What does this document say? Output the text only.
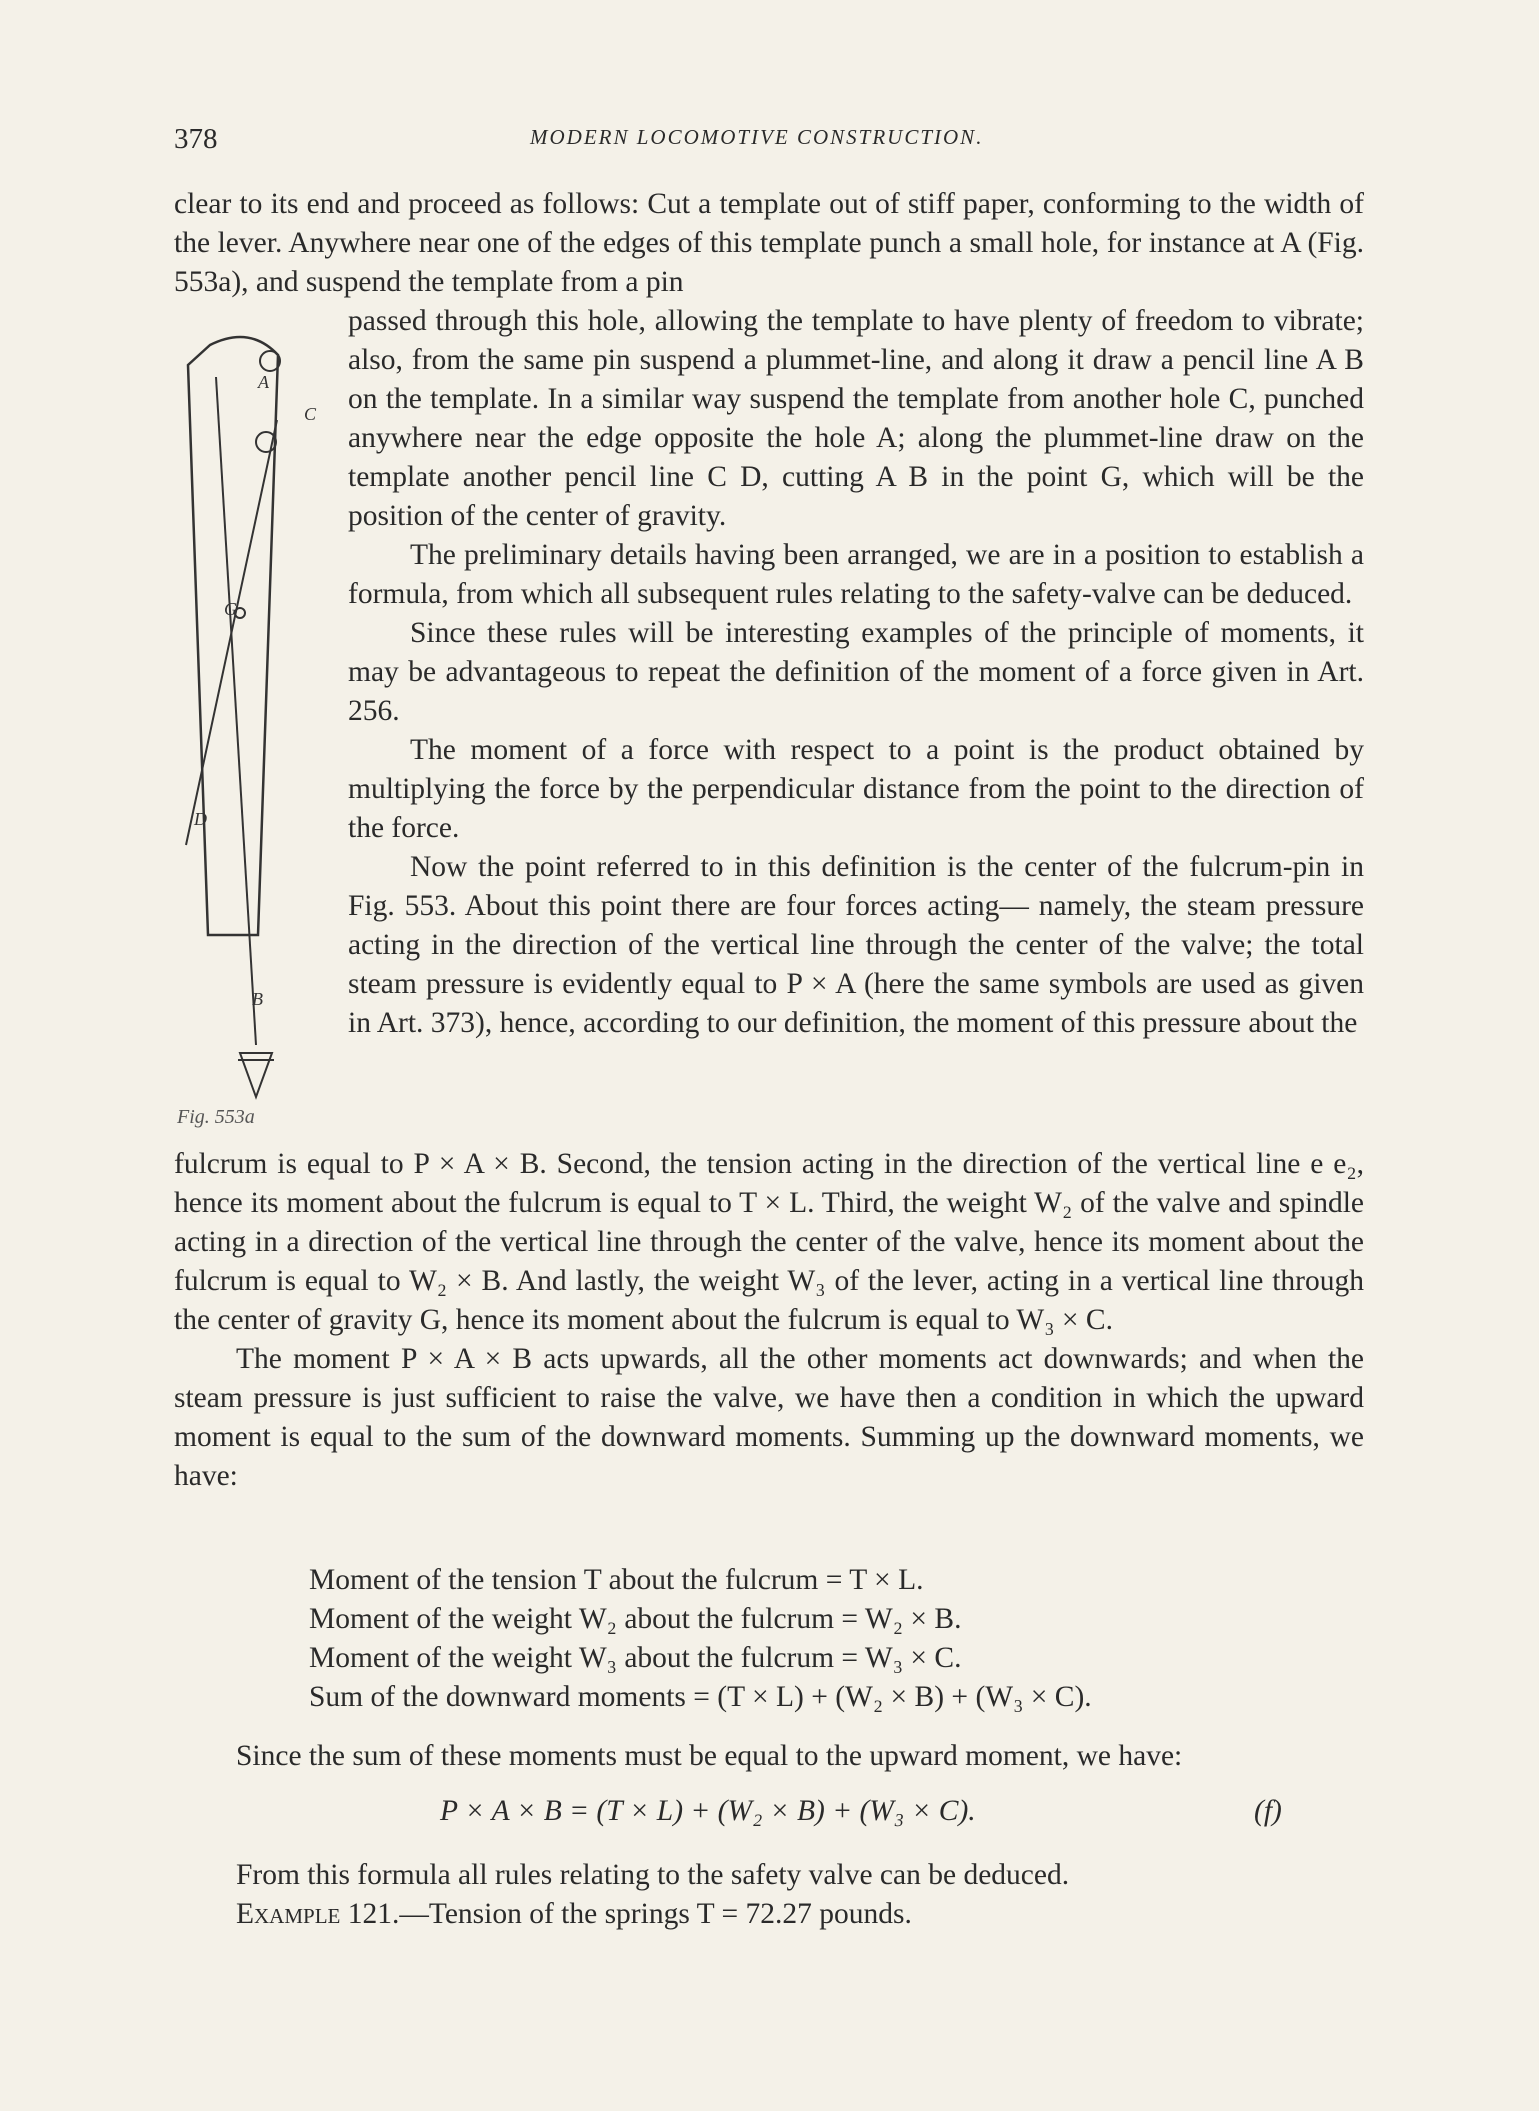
378	MODERN LOCOMOTIVE CONSTRUCTION.

clear to its end and proceed as follows: Cut a template out of stiff paper, conforming to the width of the lever. Anywhere near one of the edges of this template punch a small hole, for instance at A (Fig. 553a), and suspend the template from a pin

passed through this hole, allowing the template to have plenty of freedom to vibrate; also, from the same pin suspend a plummet-line, and along it draw a pencil line A B on the template. In a similar way suspend the template from another hole C, punched anywhere near the edge opposite the hole A; along the plummet-line draw on the template another pencil line C D, cutting A B in the point G, which will be the position of the center of gravity.

The preliminary details having been arranged, we are in a position to establish a formula, from which all subsequent rules relating to the safety-valve can be deduced.

Since these rules will be interesting examples of the principle of moments, it may be advantageous to repeat the definition of the moment of a force given in Art. 256.

The moment of a force with respect to a point is the product obtained by multiplying the force by the perpendicular distance from the point to the direction of the force.

Now the point referred to in this definition is the center of the fulcrum-pin in Fig. 553. About this point there are four forces acting— namely, the steam pressure acting in the direction of the vertical line through the center of the valve; the total steam pressure is evidently equal to P × A (here the same symbols are used as given in Art. 373), hence, according to our definition, the moment of this pressure about the

fulcrum is equal to P × A × B. Second, the tension acting in the direction of the vertical line e e₂, hence its moment about the fulcrum is equal to T × L. Third, the weight W₂ of the valve and spindle acting in a direction of the vertical line through the center of the valve, hence its moment about the fulcrum is equal to W₂ × B. And lastly, the weight W₃ of the lever, acting in a vertical line through the center of gravity G, hence its moment about the fulcrum is equal to W₃ × C.

The moment P × A × B acts upwards, all the other moments act downwards; and when the steam pressure is just sufficient to raise the valve, we have then a condition in which the upward moment is equal to the sum of the downward moments. Summing up the downward moments, we have:

Moment of the tension T about the fulcrum = T × L.
Moment of the weight W₂ about the fulcrum = W₂ × B.
Moment of the weight W₃ about the fulcrum = W₃ × C.
Sum of the downward moments = (T × L) + (W₂ × B) + (W₃ × C).

Since the sum of these moments must be equal to the upward moment, we have:

P × A × B = (T × L) + (W₂ × B) + (W₃ × C).	(f)
From this formula all rules relating to the safety valve can be deduced.
Example 121.—Tension of the springs T = 72.27 pounds.
A
C
G
D
B
Fig. 553a
